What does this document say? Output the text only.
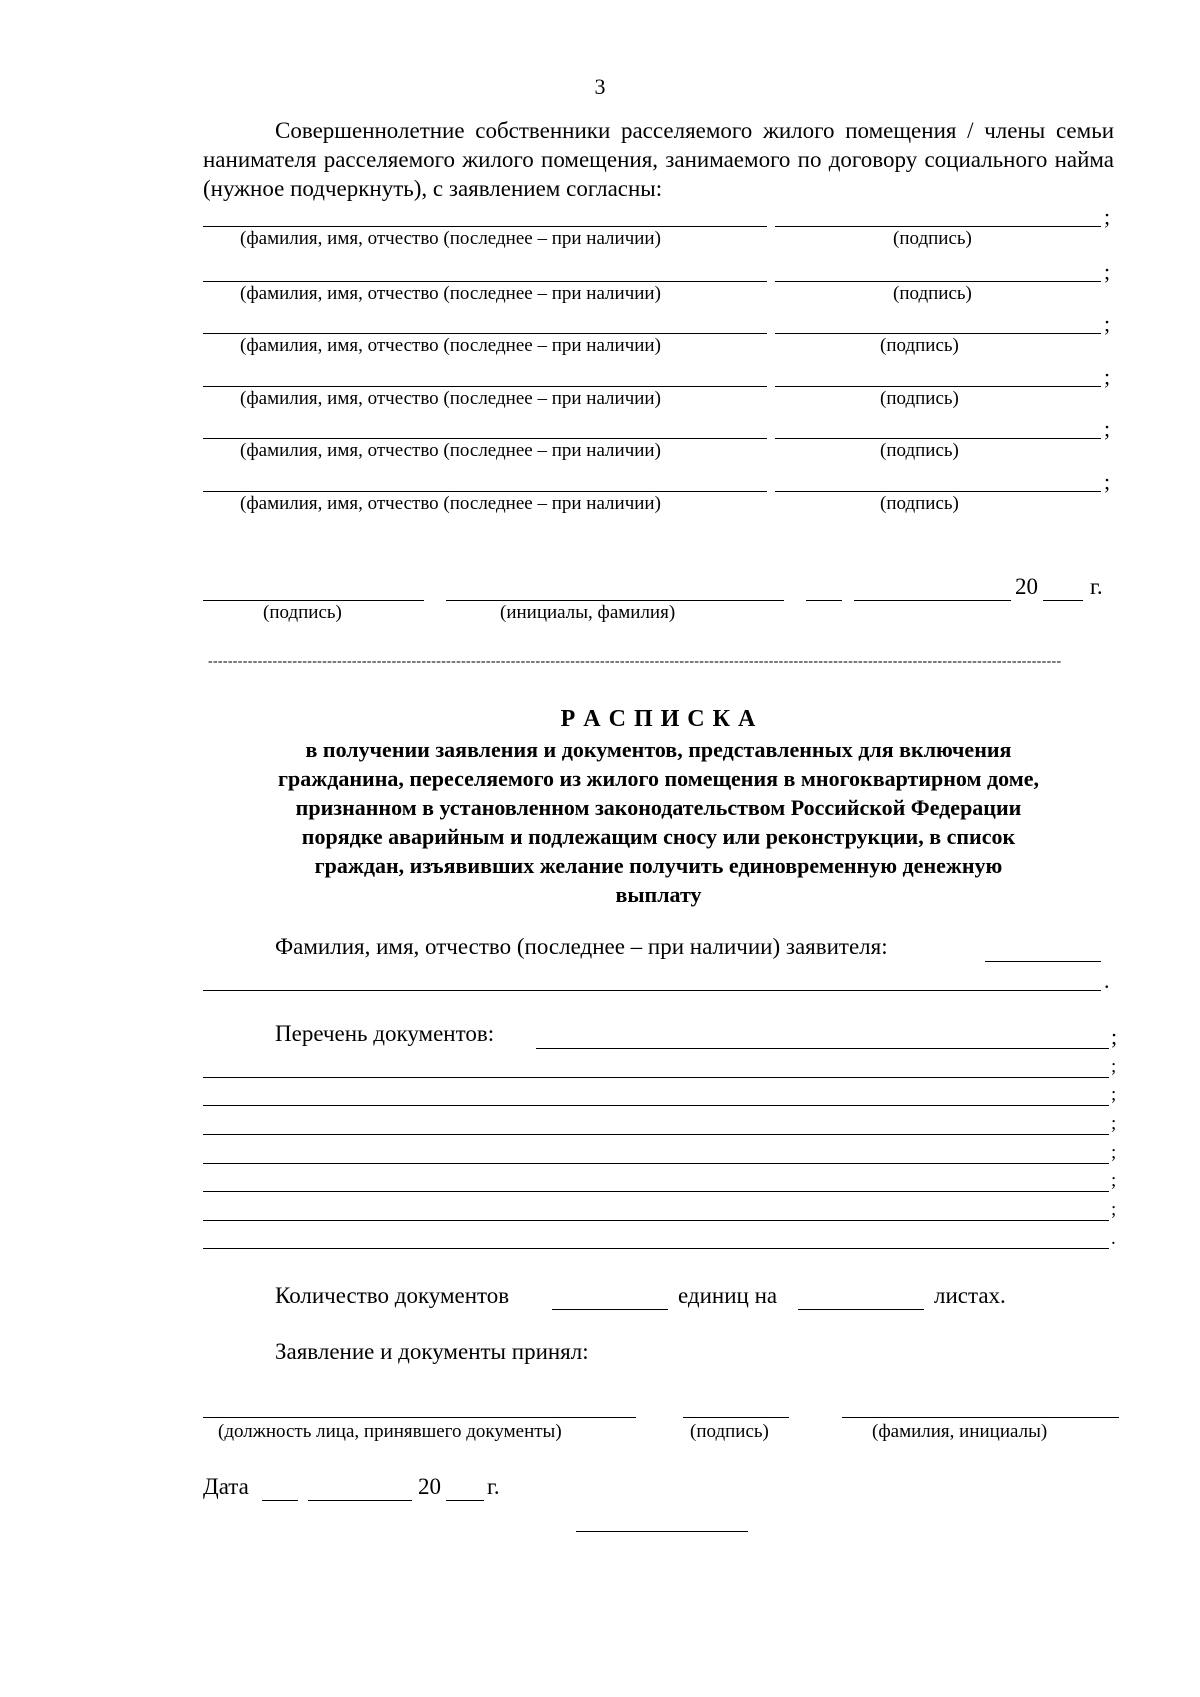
3
Совершеннолетние собственники расселяемого жилого помещения / члены семьи нанимателя расселяемого жилого помещения, занимаемого по договору социального найма (нужное подчеркнуть), с заявлением согласны:
;
(фамилия, имя, отчество (последнее – при наличии)	(подпись)
;
(фамилия, имя, отчество (последнее – при наличии)	(подпись)
;
(фамилия, имя, отчество (последнее – при наличии)	(подпись)
;
(фамилия, имя, отчество (последнее – при наличии)	(подпись)
;
(фамилия, имя, отчество (последнее – при наличии)	(подпись)
;
(фамилия, имя, отчество (последнее – при наличии)	(подпись)
20 г.
(подпись)	(инициалы, фамилия)
----------------------------------------------------------------------------------------------------------------------------------------------------------------------------
Р А С П И С К А
в получении заявления и документов, представленных для включения
гражданина, переселяемого из жилого помещения в многоквартирном доме,
признанном в установленном законодательством Российской Федерации
порядке аварийным и подлежащим сносу или реконструкции, в список
граждан, изъявивших желание получить единовременную денежную
выплату
Фамилия, имя, отчество (последнее – при наличии) заявителя:
.
Перечень документов:	;
;
;
;
;
;
;
.
Количество документов	единиц на	листах.
Заявление и документы принял:
(должность лица, принявшего документы)	(подпись)	(фамилия, инициалы)
Дата	20 г.
